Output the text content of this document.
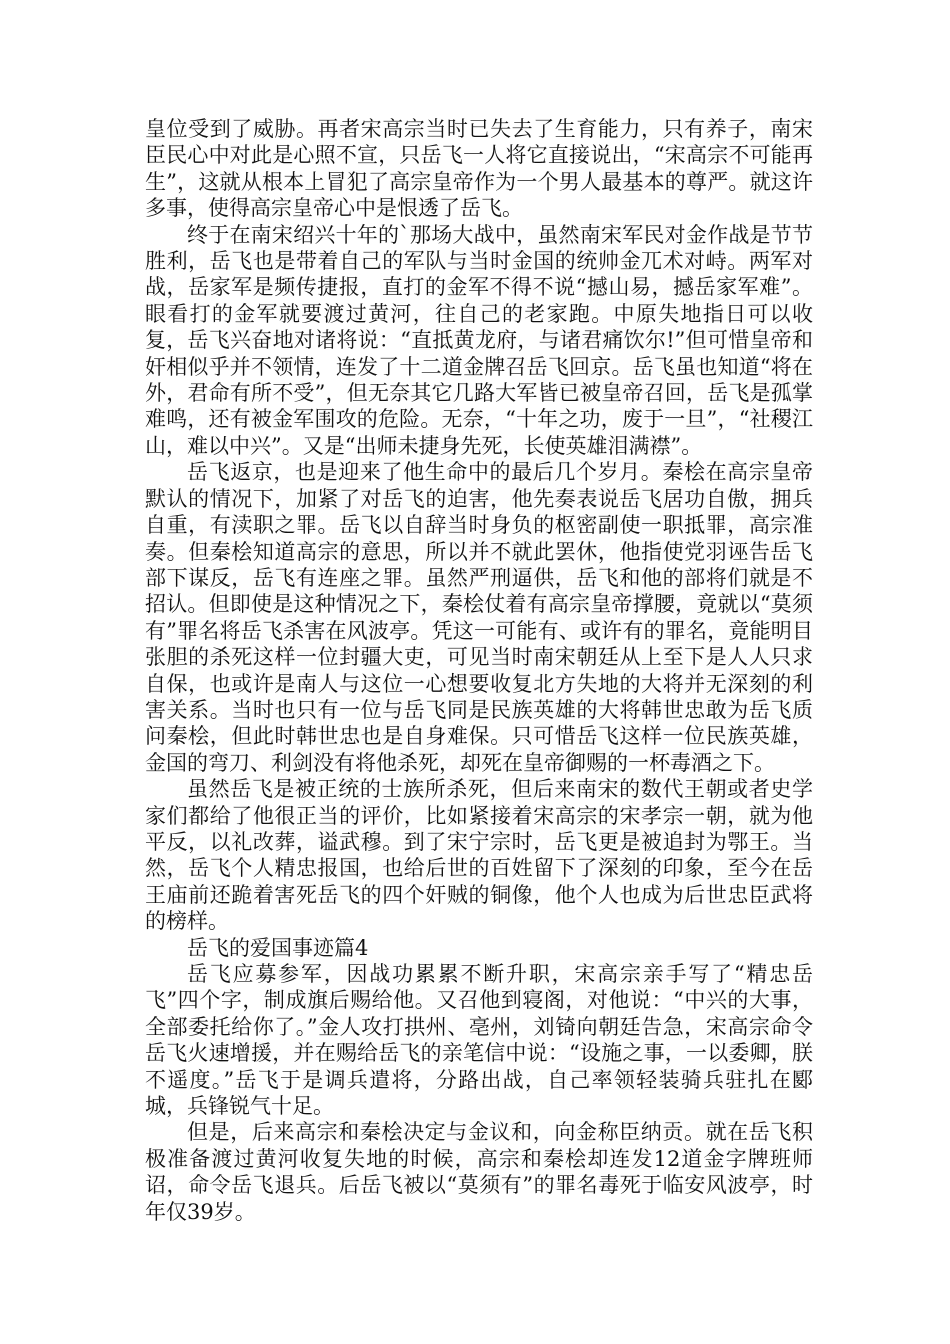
皇位受到了威胁。再者宋高宗当时已失去了生育能力，只有养子，南宋臣民心中对此是心照不宣，只岳飞一人将它直接说出，“宋高宗不可能再生”，这就从根本上冒犯了高宗皇帝作为一个男人最基本的尊严。就这许多事，使得高宗皇帝心中是恨透了岳飞。

终于在南宋绍兴十年的`那场大战中，虽然南宋军民对金作战是节节胜利，岳飞也是带着自己的军队与当时金国的统帅金兀术对峙。两军对战，岳家军是频传捷报，直打的金军不得不说“撼山易，撼岳家军难”。眼看打的金军就要渡过黄河，往自己的老家跑。中原失地指日可以收复，岳飞兴奋地对诸将说：“直抵黄龙府，与诸君痛饮尔!”但可惜皇帝和奸相似乎并不领情，连发了十二道金牌召岳飞回京。岳飞虽也知道“将在外，君命有所不受”，但无奈其它几路大军皆已被皇帝召回，岳飞是孤掌难鸣，还有被金军围攻的危险。无奈，“十年之功，废于一旦”，“社稷江山，难以中兴”。又是“出师未捷身先死，长使英雄泪满襟”。

岳飞返京，也是迎来了他生命中的最后几个岁月。秦桧在高宗皇帝默认的情况下，加紧了对岳飞的迫害，他先奏表说岳飞居功自傲，拥兵自重，有渎职之罪。岳飞以自辞当时身负的枢密副使一职抵罪，高宗准奏。但秦桧知道高宗的意思，所以并不就此罢休，他指使党羽诬告岳飞部下谋反，岳飞有连座之罪。虽然严刑逼供，岳飞和他的部将们就是不招认。但即使是这种情况之下，秦桧仗着有高宗皇帝撑腰，竟就以“莫须有”罪名将岳飞杀害在风波亭。凭这一可能有、或许有的罪名，竟能明目张胆的杀死这样一位封疆大吏，可见当时南宋朝廷从上至下是人人只求自保，也或许是南人与这位一心想要收复北方失地的大将并无深刻的利害关系。当时也只有一位与岳飞同是民族英雄的大将韩世忠敢为岳飞质问秦桧，但此时韩世忠也是自身难保。只可惜岳飞这样一位民族英雄，金国的弯刀、利剑没有将他杀死，却死在皇帝御赐的一杯毒酒之下。

虽然岳飞是被正统的士族所杀死，但后来南宋的数代王朝或者史学家们都给了他很正当的评价，比如紧接着宋高宗的宋孝宗一朝，就为他平反，以礼改葬，谥武穆。到了宋宁宗时，岳飞更是被追封为鄂王。当然，岳飞个人精忠报国，也给后世的百姓留下了深刻的印象，至今在岳王庙前还跪着害死岳飞的四个奸贼的铜像，他个人也成为后世忠臣武将的榜样。

岳飞的爱国事迹篇4

岳飞应募参军，因战功累累不断升职，宋高宗亲手写了“精忠岳飞”四个字，制成旗后赐给他。又召他到寝阁，对他说：“中兴的大事，全部委托给你了。”金人攻打拱州、亳州，刘锜向朝廷告急，宋高宗命令岳飞火速增援，并在赐给岳飞的亲笔信中说：“设施之事，一以委卿，朕不遥度。”岳飞于是调兵遣将，分路出战，自己率领轻装骑兵驻扎在郾城，兵锋锐气十足。

但是，后来高宗和秦桧决定与金议和，向金称臣纳贡。就在岳飞积极准备渡过黄河收复失地的时候，高宗和秦桧却连发12道金字牌班师诏，命令岳飞退兵。后岳飞被以“莫须有”的罪名毒死于临安风波亭，时年仅39岁。
